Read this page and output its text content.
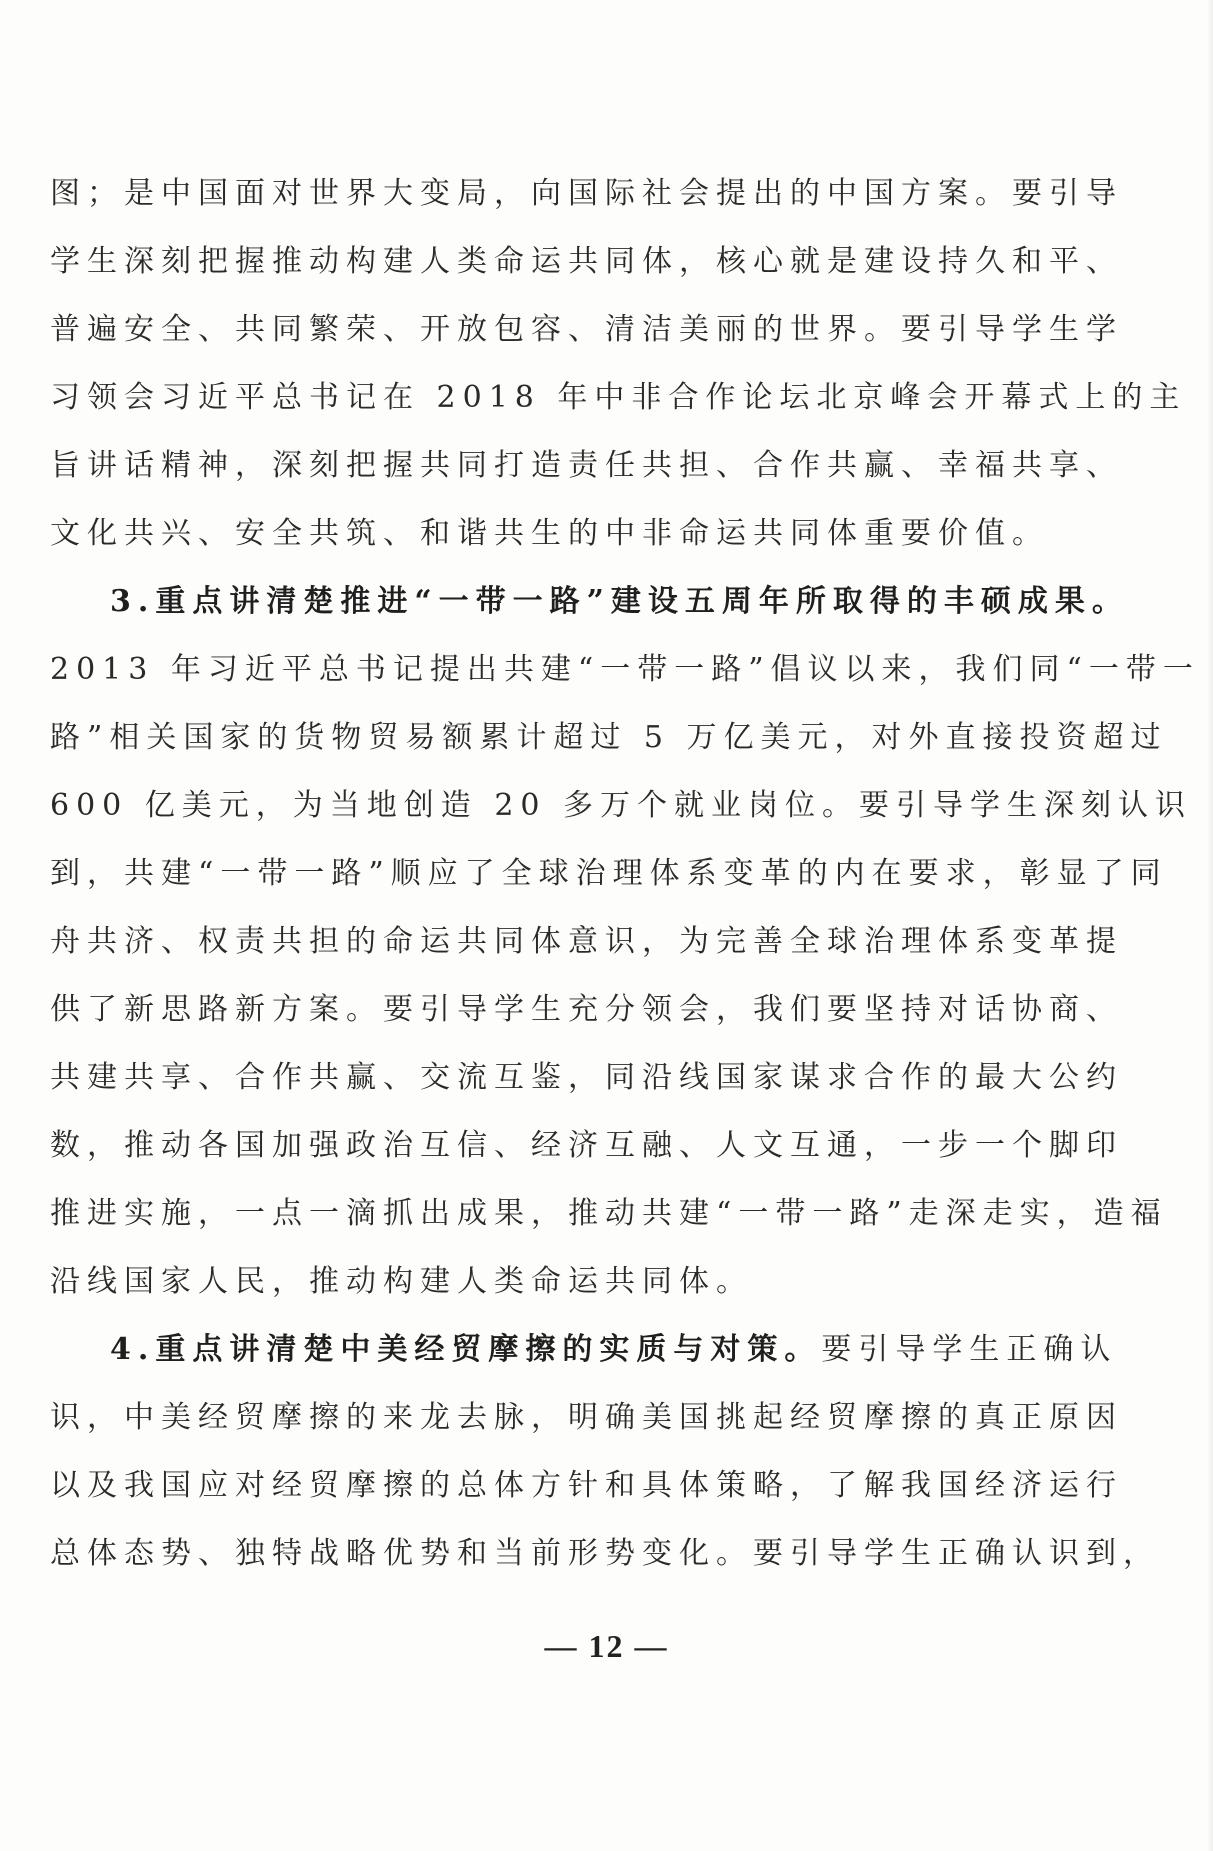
图；是中国面对世界大变局，向国际社会提出的中国方案。要引导
学生深刻把握推动构建人类命运共同体，核心就是建设持久和平、
普遍安全、共同繁荣、开放包容、清洁美丽的世界。要引导学生学
习领会习近平总书记在 2018 年中非合作论坛北京峰会开幕式上的主
旨讲话精神，深刻把握共同打造责任共担、合作共赢、幸福共享、
文化共兴、安全共筑、和谐共生的中非命运共同体重要价值。
3.重点讲清楚推进“一带一路”建设五周年所取得的丰硕成果。
2013 年习近平总书记提出共建“一带一路”倡议以来，我们同“一带一
路”相关国家的货物贸易额累计超过 5 万亿美元，对外直接投资超过
600 亿美元，为当地创造 20 多万个就业岗位。要引导学生深刻认识
到，共建“一带一路”顺应了全球治理体系变革的内在要求，彰显了同
舟共济、权责共担的命运共同体意识，为完善全球治理体系变革提
供了新思路新方案。要引导学生充分领会，我们要坚持对话协商、
共建共享、合作共赢、交流互鉴，同沿线国家谋求合作的最大公约
数，推动各国加强政治互信、经济互融、人文互通，一步一个脚印
推进实施，一点一滴抓出成果，推动共建“一带一路”走深走实，造福
沿线国家人民，推动构建人类命运共同体。
4.重点讲清楚中美经贸摩擦的实质与对策。要引导学生正确认
识，中美经贸摩擦的来龙去脉，明确美国挑起经贸摩擦的真正原因
以及我国应对经贸摩擦的总体方针和具体策略，了解我国经济运行
总体态势、独特战略优势和当前形势变化。要引导学生正确认识到，
— 12 —
